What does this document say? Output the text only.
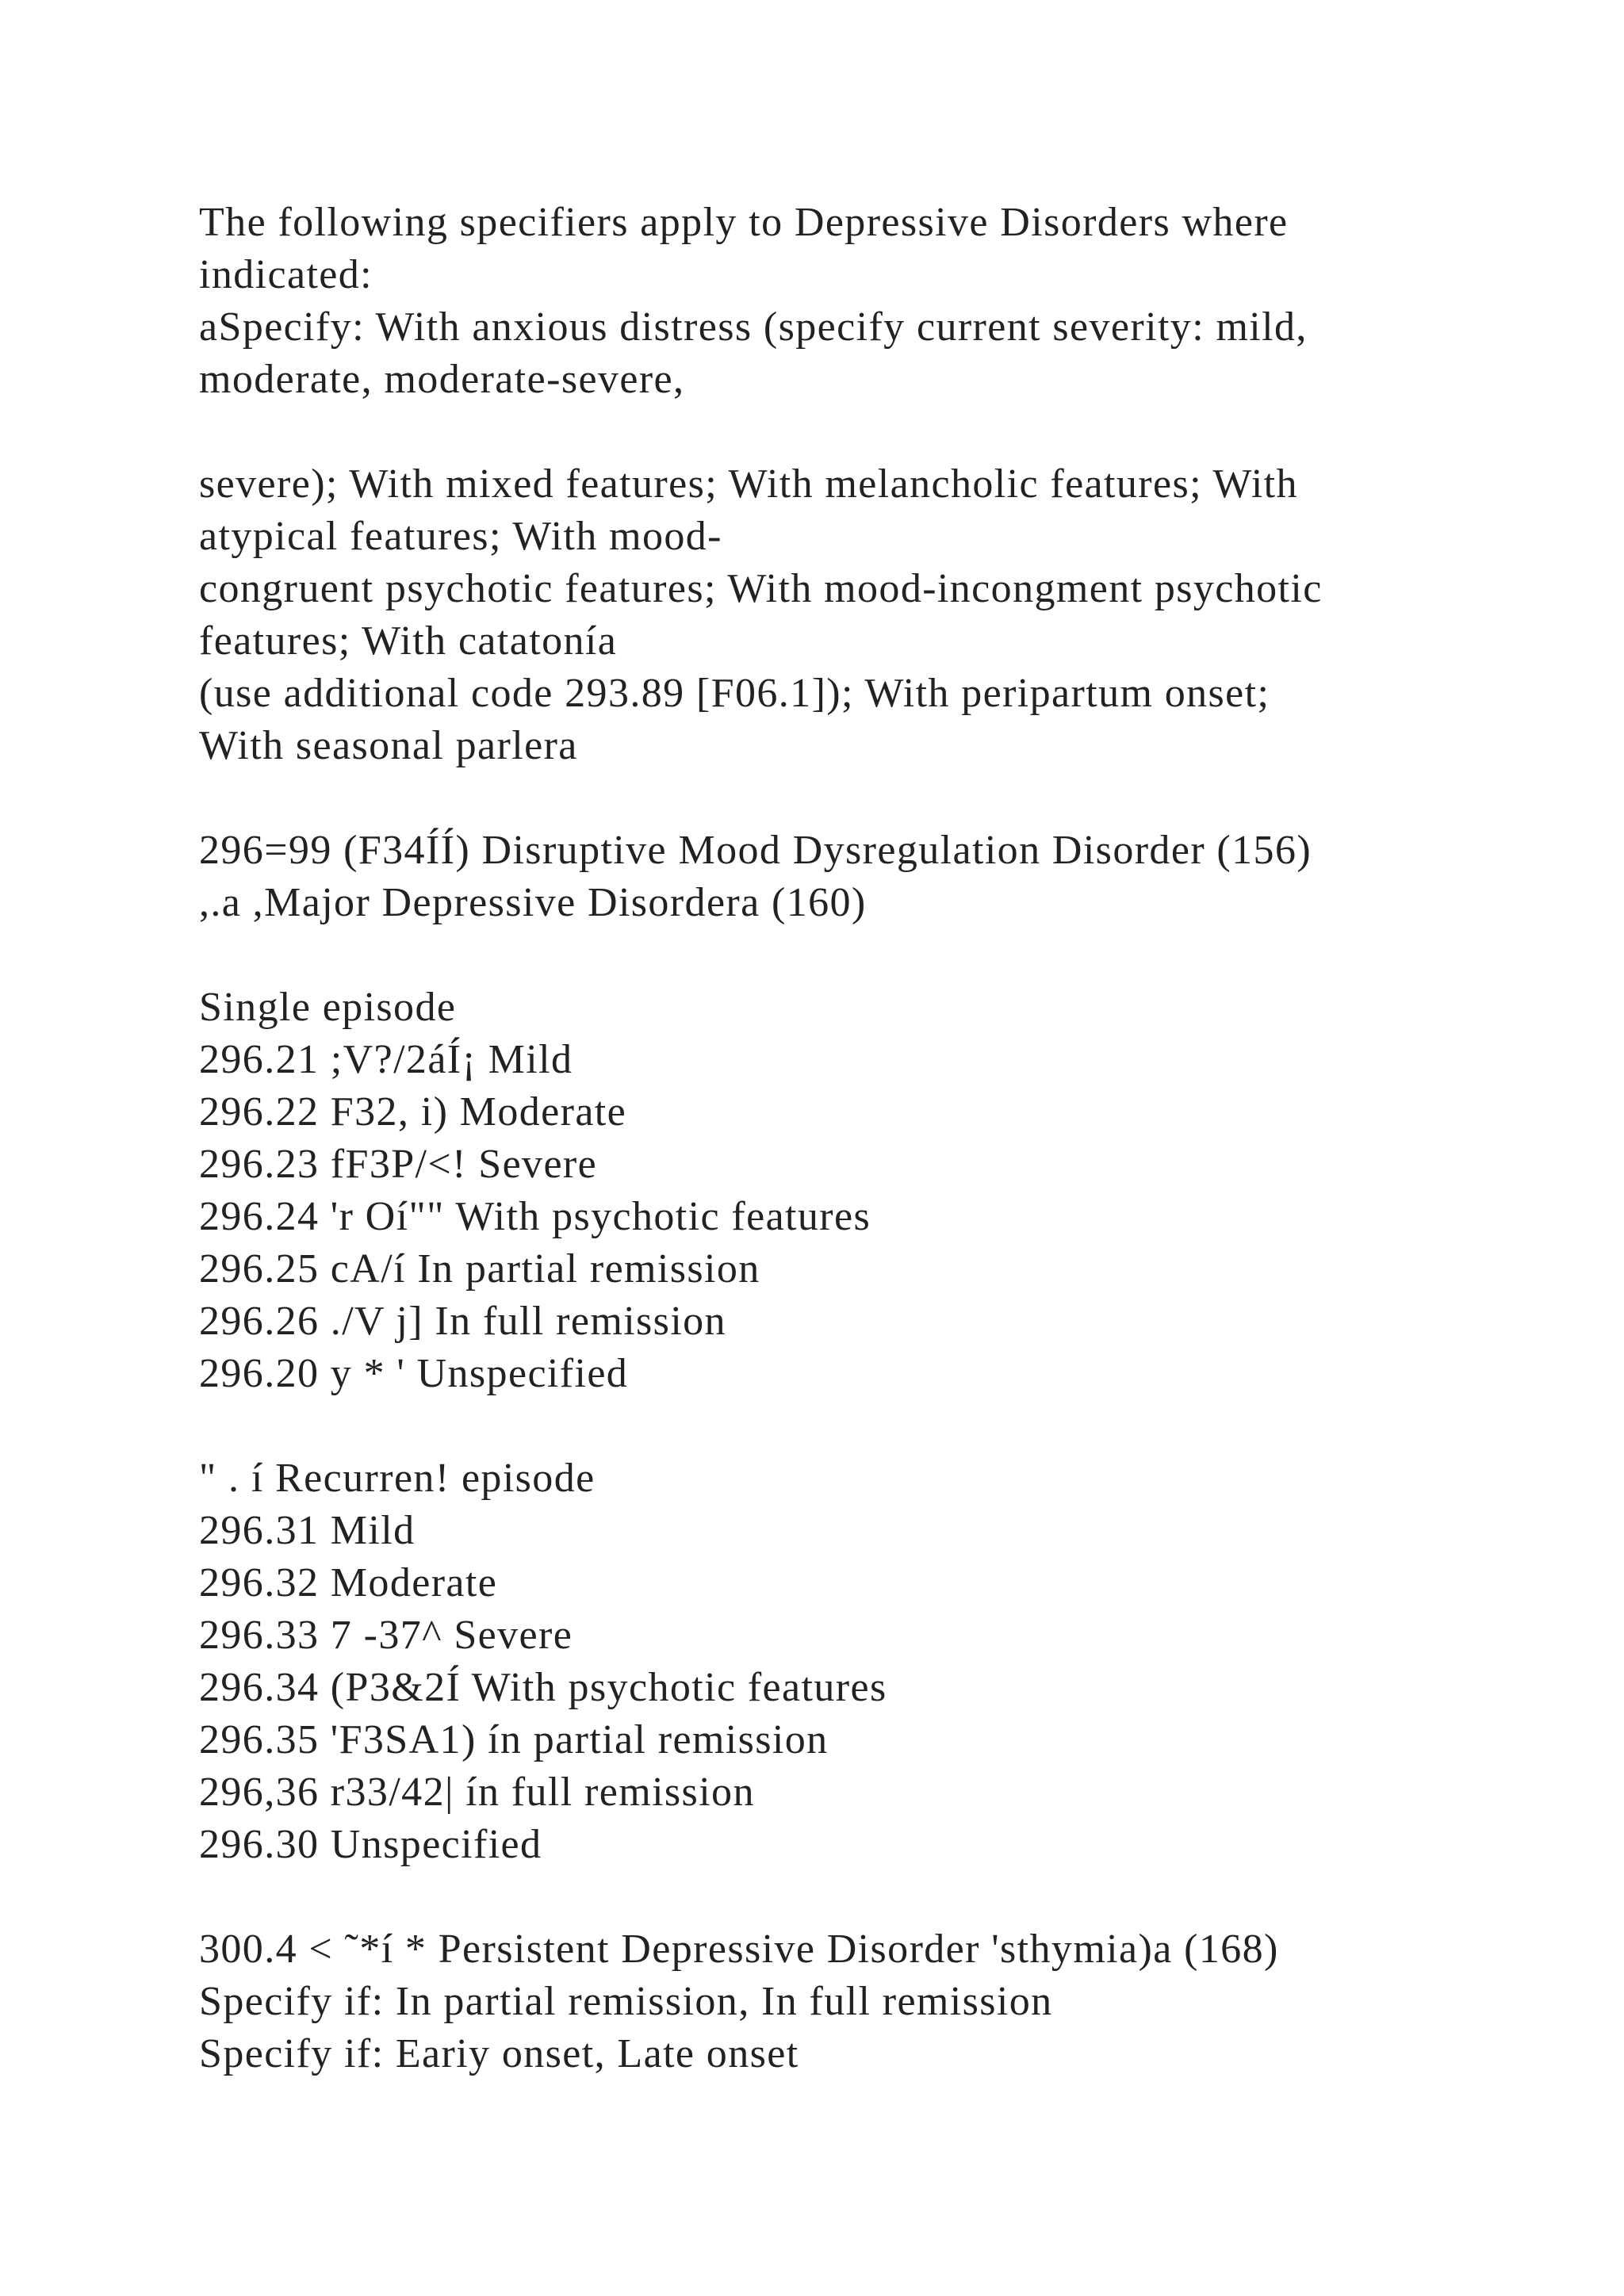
The following specifiers apply to Depressive Disorders where
indicated:
aSpecify: With anxious distress (specify current severity: mild,
moderate, moderate-severe,
severe); With mixed features; With melancholic features; With
atypical features; With mood-
congruent psychotic features; With mood-incongment psychotic
features; With catatonía
(use additional code 293.89 [F06.1]); With peripartum onset;
With seasonal parlera
296=99 (F34ÍÍ) Disruptive Mood Dysregulation Disorder (156)
,.a ,Major Depressive Disordera (160)
Single episode
296.21 ;V?/2áÍ¡ Mild
296.22 F32, i) Moderate
296.23 fF3P/<! Severe
296.24 'r Oí"" With psychotic features
296.25 cA/í In partial remission
296.26 ./V j] In full remission
296.20 y * ' Unspecified
" . í Recurren! episode
296.31 Mild
296.32 Moderate
296.33 7 -37^ Severe
296.34 (P3&2Í With psychotic features
296.35 'F3SA1) ín partial remission
296,36 r33/42| ín full remission
296.30 Unspecified
300.4 < ˜*í * Persistent Depressive Disorder 'sthymia)a (168)
Specify if: In partial remission, In full remission
Specify if: Eariy onset, Late onset
